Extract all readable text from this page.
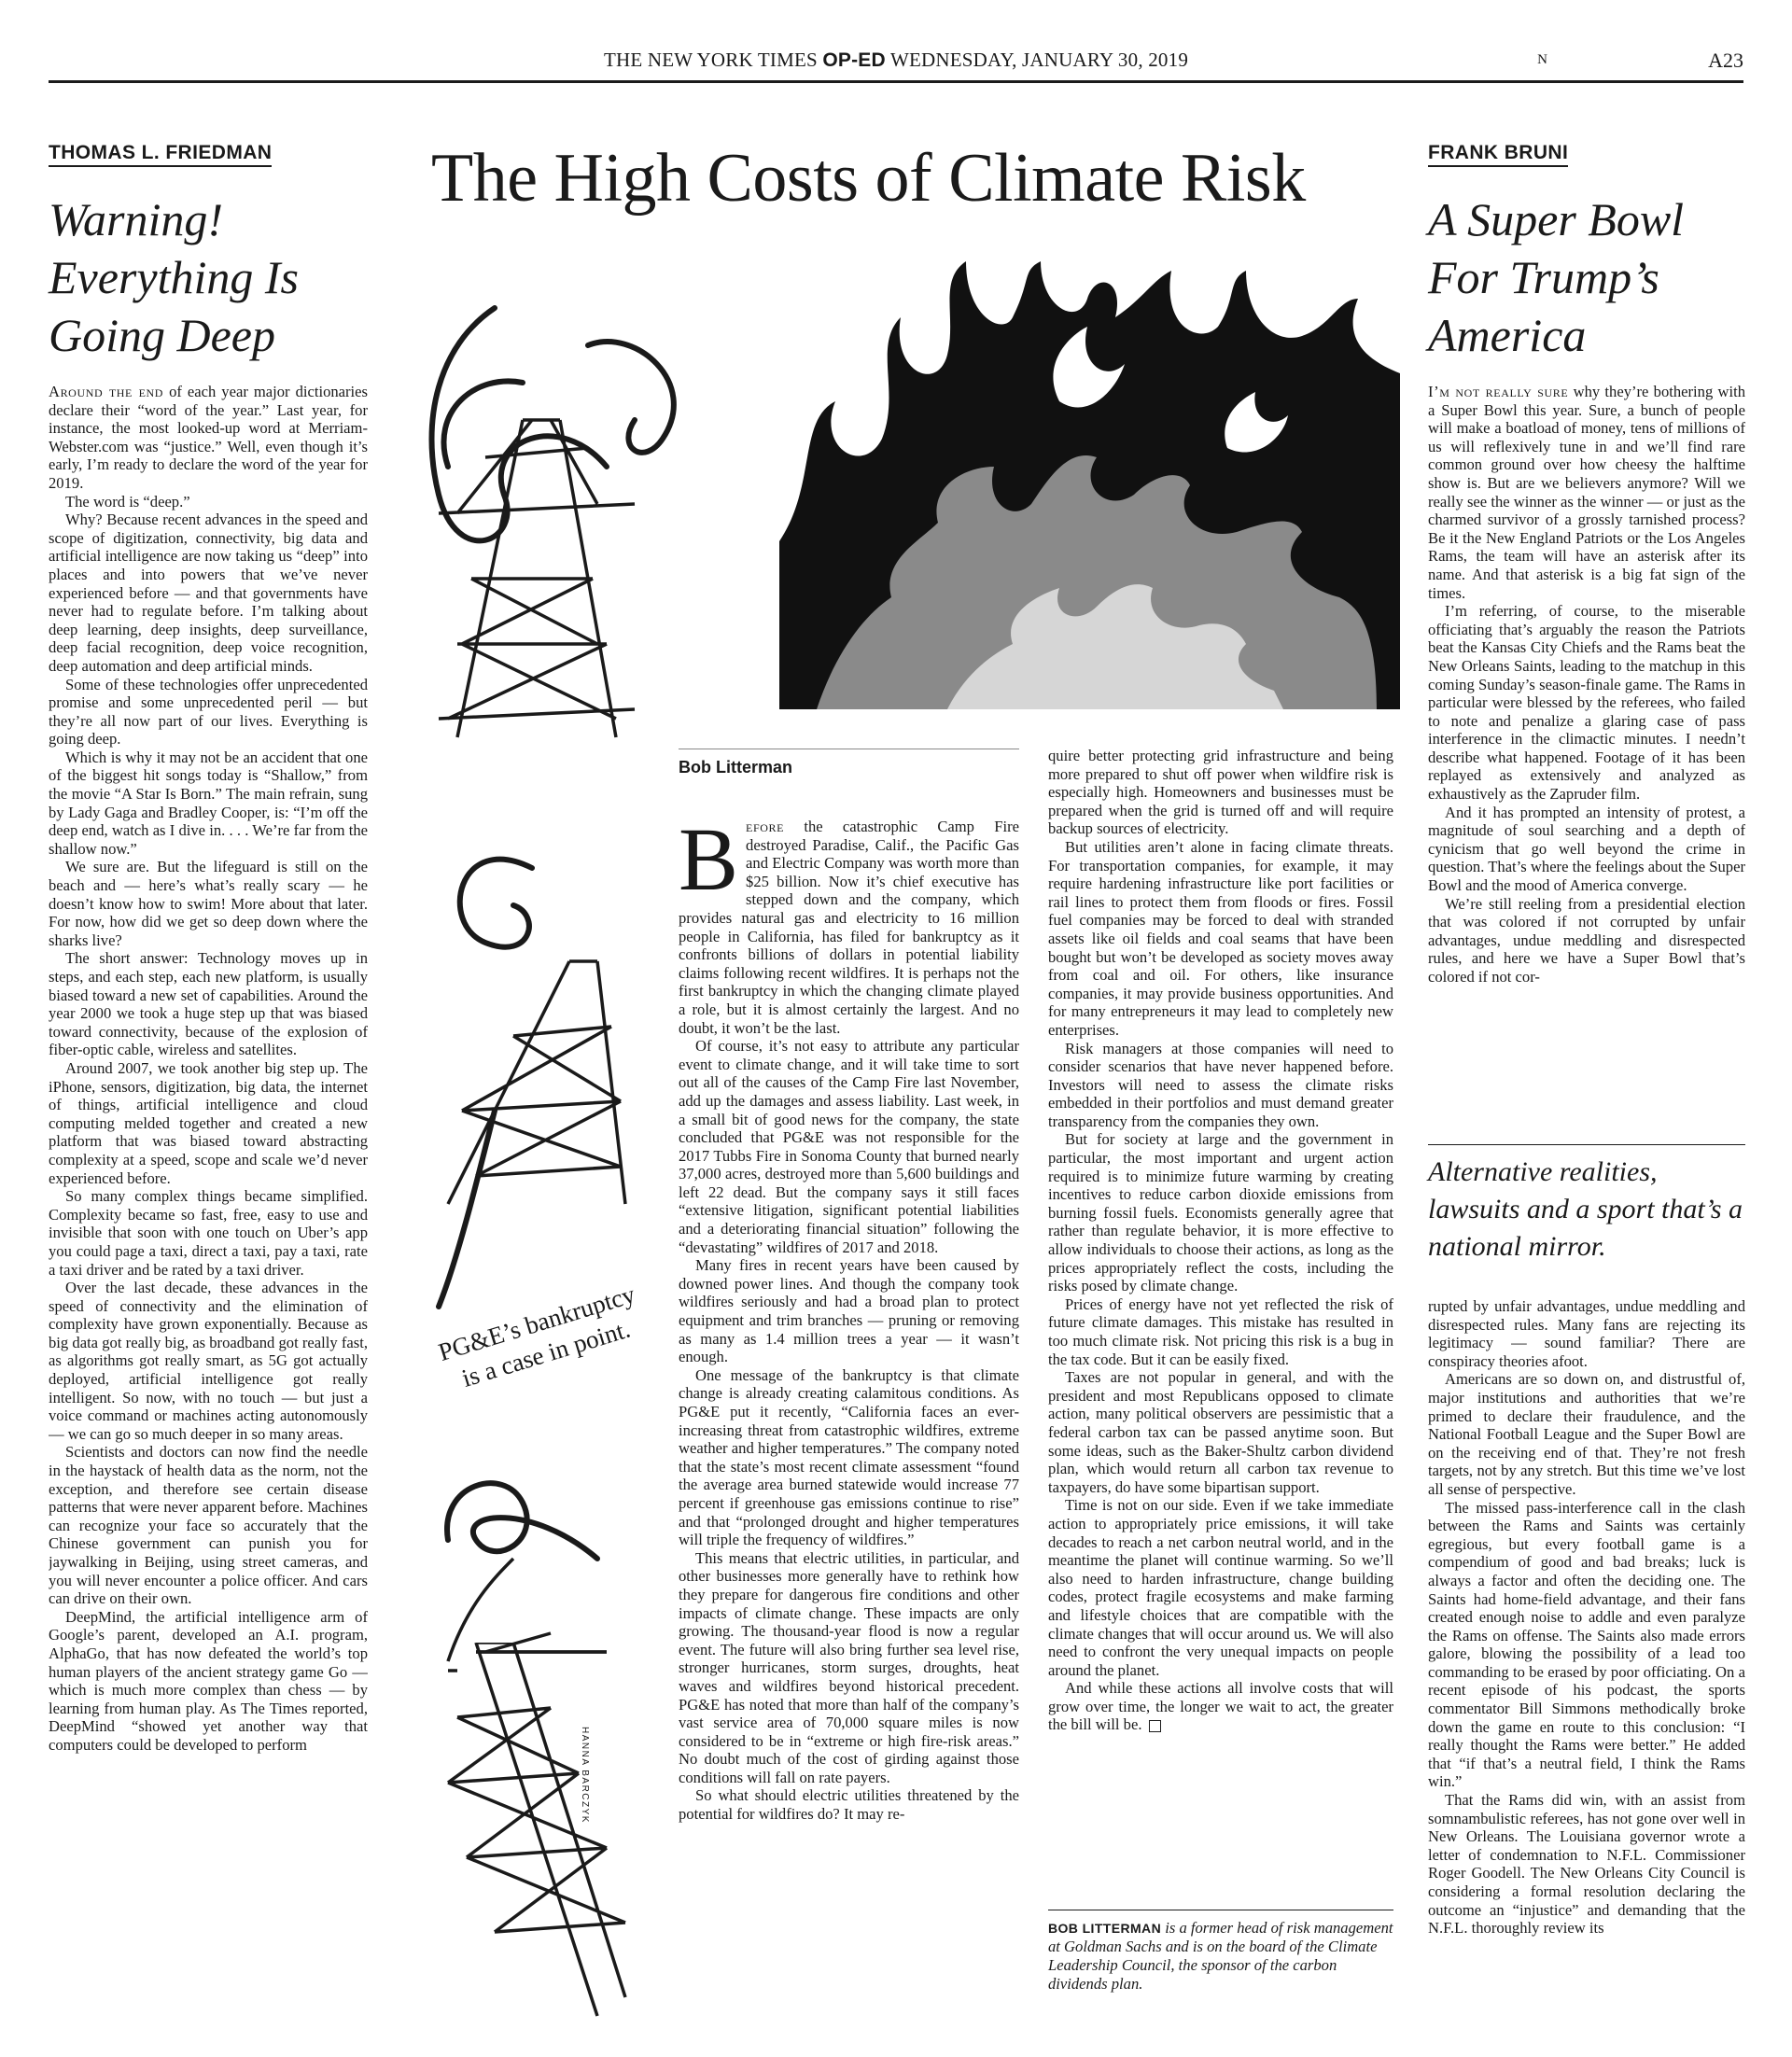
THE NEW YORK TIMES OP-ED WEDNESDAY, JANUARY 30, 2019	N	A23
THOMAS L. FRIEDMAN
Warning!
Everything Is
Going Deep

Around the end of each year major dictionaries declare their “word of the year.” Last year, for instance, the most looked-up word at Merriam-Webster.com was “justice.” Well, even though it’s early, I’m ready to declare the word of the year for 2019.

The word is “deep.”

Why? Because recent advances in the speed and scope of digitization, connectivity, big data and artificial intelligence are now taking us “deep” into places and into powers that we’ve never experienced before — and that governments have never had to regulate before. I’m talking about deep learning, deep insights, deep surveillance, deep facial recognition, deep voice recognition, deep automation and deep artificial minds.

Some of these technologies offer unprecedented promise and some unprecedented peril — but they’re all now part of our lives. Everything is going deep.

Which is why it may not be an accident that one of the biggest hit songs today is “Shallow,” from the movie “A Star Is Born.” The main refrain, sung by Lady Gaga and Bradley Cooper, is: “I’m off the deep end, watch as I dive in. . . . We’re far from the shallow now.”

We sure are. But the lifeguard is still on the beach and — here’s what’s really scary — he doesn’t know how to swim! More about that later. For now, how did we get so deep down where the sharks live?

The short answer: Technology moves up in steps, and each step, each new platform, is usually biased toward a new set of capabilities. Around the year 2000 we took a huge step up that was biased toward connectivity, because of the explosion of fiber-optic cable, wireless and satellites.

Around 2007, we took another big step up. The iPhone, sensors, digitization, big data, the internet of things, artificial intelligence and cloud computing melded together and created a new platform that was biased toward abstracting complexity at a speed, scope and scale we’d never experienced before.

So many complex things became simplified. Complexity became so fast, free, easy to use and invisible that soon with one touch on Uber’s app you could page a taxi, direct a taxi, pay a taxi, rate a taxi driver and be rated by a taxi driver.

Over the last decade, these advances in the speed of connectivity and the elimination of complexity have grown exponentially. Because as big data got really big, as broadband got really fast, as algorithms got really smart, as 5G got actually deployed, artificial intelligence got really intelligent. So now, with no touch — but just a voice command or machines acting autonomously — we can go so much deeper in so many areas.

Scientists and doctors can now find the needle in the haystack of health data as the norm, not the exception, and therefore see certain disease patterns that were never apparent before. Machines can recognize your face so accurately that the Chinese government can punish you for jaywalking in Beijing, using street cameras, and you will never encounter a police officer. And cars can drive on their own.

DeepMind, the artificial intelligence arm of Google’s parent, developed an A.I. program, AlphaGo, that has now defeated the world’s top human players of the ancient strategy game Go — which is much more complex than chess — by learning from human play. As The Times reported, DeepMind “showed yet another way that computers could be developed to perform

The High Costs of Climate Risk
PG&E’s bankruptcy is a case in point.
HANNA BARCZYK
Bob Litterman

Before the catastrophic Camp Fire destroyed Paradise, Calif., the Pacific Gas and Electric Company was worth more than $25 billion. Now it’s chief executive has stepped down and the company, which provides natural gas and electricity to 16 million people in California, has filed for bankruptcy as it confronts billions of dollars in potential liability claims following recent wildfires. It is perhaps not the first bankruptcy in which the changing climate played a role, but it is almost certainly the largest. And no doubt, it won’t be the last.

Of course, it’s not easy to attribute any particular event to climate change, and it will take time to sort out all of the causes of the Camp Fire last November, add up the damages and assess liability. Last week, in a small bit of good news for the company, the state concluded that PG&E was not responsible for the 2017 Tubbs Fire in Sonoma County that burned nearly 37,000 acres, destroyed more than 5,600 buildings and left 22 dead. But the company says it still faces “extensive litigation, significant potential liabilities and a deteriorating financial situation” following the “devastating” wildfires of 2017 and 2018.

Many fires in recent years have been caused by downed power lines. And though the company took wildfires seriously and had a broad plan to protect equipment and trim branches — pruning or removing as many as 1.4 million trees a year — it wasn’t enough.

One message of the bankruptcy is that climate change is already creating calamitous conditions. As PG&E put it recently, “California faces an ever-increasing threat from catastrophic wildfires, extreme weather and higher temperatures.” The company noted that the state’s most recent climate assessment “found the average area burned statewide would increase 77 percent if greenhouse gas emissions continue to rise” and that “prolonged drought and higher temperatures will triple the frequency of wildfires.”

This means that electric utilities, in particular, and other businesses more generally have to rethink how they prepare for dangerous fire conditions and other impacts of climate change. These impacts are only growing. The thousand-year flood is now a regular event. The future will also bring further sea level rise, stronger hurricanes, storm surges, droughts, heat waves and wildfires beyond historical precedent. PG&E has noted that more than half of the company’s vast service area of 70,000 square miles is now considered to be in “extreme or high fire-risk areas.” No doubt much of the cost of girding against those conditions will fall on rate payers.

So what should electric utilities threatened by the potential for wildfires do? It may re-

quire better protecting grid infrastructure and being more prepared to shut off power when wildfire risk is especially high. Homeowners and businesses must be prepared when the grid is turned off and will require backup sources of electricity.

But utilities aren’t alone in facing climate threats. For transportation companies, for example, it may require hardening infrastructure like port facilities or rail lines to protect them from floods or fires. Fossil fuel companies may be forced to deal with stranded assets like oil fields and coal seams that have been bought but won’t be developed as society moves away from coal and oil. For others, like insurance companies, it may provide business opportunities. And for many entrepreneurs it may lead to completely new enterprises.

Risk managers at those companies will need to consider scenarios that have never happened before. Investors will need to assess the climate risks embedded in their portfolios and must demand greater transparency from the companies they own.

But for society at large and the government in particular, the most important and urgent action required is to minimize future warming by creating incentives to reduce carbon dioxide emissions from burning fossil fuels. Economists generally agree that rather than regulate behavior, it is more effective to allow individuals to choose their actions, as long as the prices appropriately reflect the costs, including the risks posed by climate change.

Prices of energy have not yet reflected the risk of future climate damages. This mistake has resulted in too much climate risk. Not pricing this risk is a bug in the tax code. But it can be easily fixed.

Taxes are not popular in general, and with the president and most Republicans opposed to climate action, many political observers are pessimistic that a federal carbon tax can be passed anytime soon. But some ideas, such as the Baker-Shultz carbon dividend plan, which would return all carbon tax revenue to taxpayers, do have some bipartisan support.

Time is not on our side. Even if we take immediate action to appropriately price emissions, it will take decades to reach a net carbon neutral world, and in the meantime the planet will continue warming. So we’ll also need to harden infrastructure, change building codes, protect fragile ecosystems and make farming and lifestyle choices that are compatible with the climate changes that will occur around us. We will also need to confront the very unequal impacts on people around the planet.

And while these actions all involve costs that will grow over time, the longer we wait to act, the greater the bill will be.

BOB LITTERMAN is a former head of risk management at Goldman Sachs and is on the board of the Climate Leadership Council, the sponsor of the carbon dividends plan.
FRANK BRUNI
A Super Bowl
For Trump’s
America

I’m not really sure why they’re bothering with a Super Bowl this year. Sure, a bunch of people will make a boatload of money, tens of millions of us will reflexively tune in and we’ll find rare common ground over how cheesy the halftime show is. But are we believers anymore? Will we really see the winner as the winner — or just as the charmed survivor of a grossly tarnished process? Be it the New England Patriots or the Los Angeles Rams, the team will have an asterisk after its name. And that asterisk is a big fat sign of the times.

I’m referring, of course, to the miserable officiating that’s arguably the reason the Patriots beat the Kansas City Chiefs and the Rams beat the New Orleans Saints, leading to the matchup in this coming Sunday’s season-finale game. The Rams in particular were blessed by the referees, who failed to note and penalize a glaring case of pass interference in the climactic minutes. I needn’t describe what happened. Footage of it has been replayed as extensively and analyzed as exhaustively as the Zapruder film.

And it has prompted an intensity of protest, a magnitude of soul searching and a depth of cynicism that go well beyond the crime in question. That’s where the feelings about the Super Bowl and the mood of America converge.

We’re still reeling from a presidential election that was colored if not corrupted by unfair advantages, undue meddling and disrespected rules, and here we have a Super Bowl that’s colored if not cor-

Alternative realities, lawsuits and a sport that’s a national mirror.

rupted by unfair advantages, undue meddling and disrespected rules. Many fans are rejecting its legitimacy — sound familiar? There are conspiracy theories afoot.

Americans are so down on, and distrustful of, major institutions and authorities that we’re primed to declare their fraudulence, and the National Football League and the Super Bowl are on the receiving end of that. They’re not fresh targets, not by any stretch. But this time we’ve lost all sense of perspective.

The missed pass-interference call in the clash between the Rams and Saints was certainly egregious, but every football game is a compendium of good and bad breaks; luck is always a factor and often the deciding one. The Saints had home-field advantage, and their fans created enough noise to addle and even paralyze the Rams on offense. The Saints also made errors galore, blowing the possibility of a lead too commanding to be erased by poor officiating. On a recent episode of his podcast, the sports commentator Bill Simmons methodically broke down the game en route to this conclusion: “I really thought the Rams were better.” He added that “if that’s a neutral field, I think the Rams win.”

That the Rams did win, with an assist from somnambulistic referees, has not gone over well in New Orleans. The Louisiana governor wrote a letter of condemnation to N.F.L. Commissioner Roger Goodell. The New Orleans City Council is considering a formal resolution declaring the outcome an “injustice” and demanding that the N.F.L. thoroughly review its
